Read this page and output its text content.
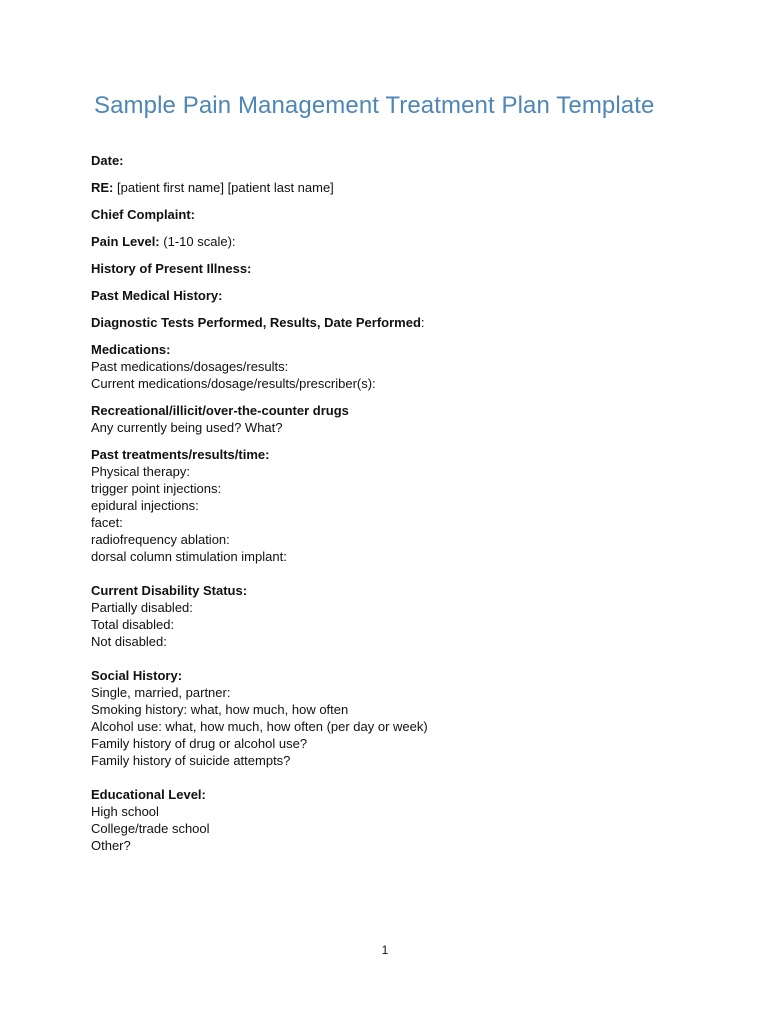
Sample Pain Management Treatment Plan Template

Date:

RE: [patient first name] [patient last name]

Chief Complaint:

Pain Level: (1-10 scale):

History of Present Illness:

Past Medical History:

Diagnostic Tests Performed, Results, Date Performed:

Medications:
Past medications/dosages/results:
Current medications/dosage/results/prescriber(s):
Recreational/illicit/over-the-counter drugs
Any currently being used? What?
Past treatments/results/time:
Physical therapy:
trigger point injections:
epidural injections:
facet:
radiofrequency ablation:
dorsal column stimulation implant:
Current Disability Status:
Partially disabled:
Total disabled:
Not disabled:
Social History:
Single, married, partner:
Smoking history: what, how much, how often
Alcohol use: what, how much, how often (per day or week)
Family history of drug or alcohol use?
Family history of suicide attempts?
Educational Level:
High school
College/trade school
Other?
1
